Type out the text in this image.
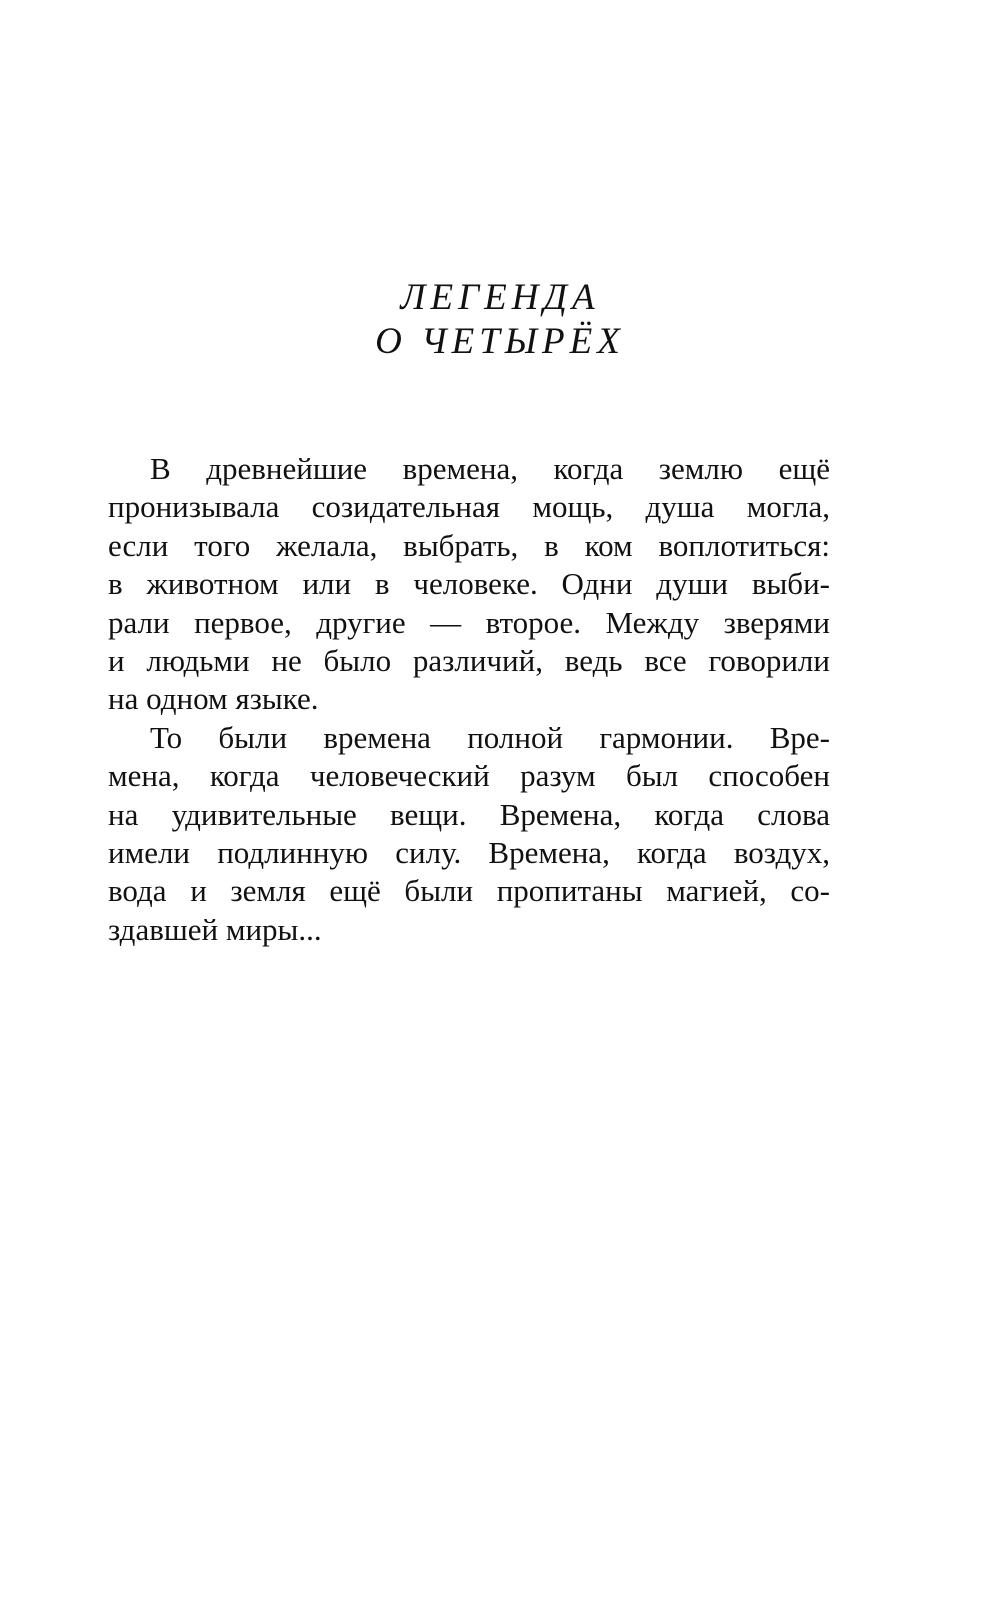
ЛЕГЕНДА
О ЧЕТЫРЁХ
В древнейшие времена, когда землю ещё
пронизывала созидательная мощь, душа могла,
если того желала, выбрать, в ком воплотиться:
в животном или в человеке. Одни души выби-
рали первое, другие — второе. Между зверями
и людьми не было различий, ведь все говорили
на одном языке.
То были времена полной гармонии. Вре-
мена, когда человеческий разум был способен
на удивительные вещи. Времена, когда слова
имели подлинную силу. Времена, когда воздух,
вода и земля ещё были пропитаны магией, со-
здавшей миры...
